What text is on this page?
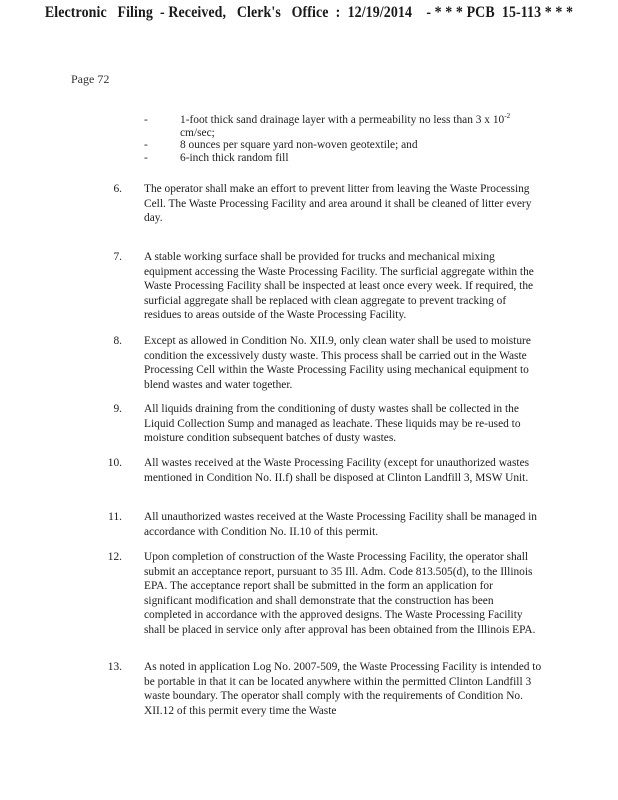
Electronic   Filing  - Received,   Clerk's   Office  :  12/19/2014    - * * * PCB  15-113 * * *
Page 72
-	1-foot thick sand drainage layer with a permeability no less than 3 x $10^{-2}$
cm/sec;
-	8 ounces per square yard non-woven geotextile; and
-	6-inch thick random fill
6. The operator shall make an effort to prevent litter from leaving the Waste Processing Cell. The Waste Processing Facility and area around it shall be cleaned of litter every day.
7. A stable working surface shall be provided for trucks and mechanical mixing equipment accessing the Waste Processing Facility. The surficial aggregate within the Waste Processing Facility shall be inspected at least once every week. If required, the surficial aggregate shall be replaced with clean aggregate to prevent tracking of residues to areas outside of the Waste Processing Facility.
8. Except as allowed in Condition No. XII.9, only clean water shall be used to moisture condition the excessively dusty waste. This process shall be carried out in the Waste Processing Cell within the Waste Processing Facility using mechanical equipment to blend wastes and water together.
9. All liquids draining from the conditioning of dusty wastes shall be collected in the Liquid Collection Sump and managed as leachate. These liquids may be re-used to moisture condition subsequent batches of dusty wastes.
10. All wastes received at the Waste Processing Facility (except for unauthorized wastes mentioned in Condition No. II.f) shall be disposed at Clinton Landfill 3, MSW Unit.
11. All unauthorized wastes received at the Waste Processing Facility shall be managed in accordance with Condition No. II.10 of this permit.
12. Upon completion of construction of the Waste Processing Facility, the operator shall submit an acceptance report, pursuant to 35 Ill. Adm. Code 813.505(d), to the Illinois EPA. The acceptance report shall be submitted in the form an application for significant modification and shall demonstrate that the construction has been completed in accordance with the approved designs. The Waste Processing Facility shall be placed in service only after approval has been obtained from the Illinois EPA.
13. As noted in application Log No. 2007-509, the Waste Processing Facility is intended to be portable in that it can be located anywhere within the permitted Clinton Landfill 3 waste boundary. The operator shall comply with the requirements of Condition No. XII.12 of this permit every time the Waste
